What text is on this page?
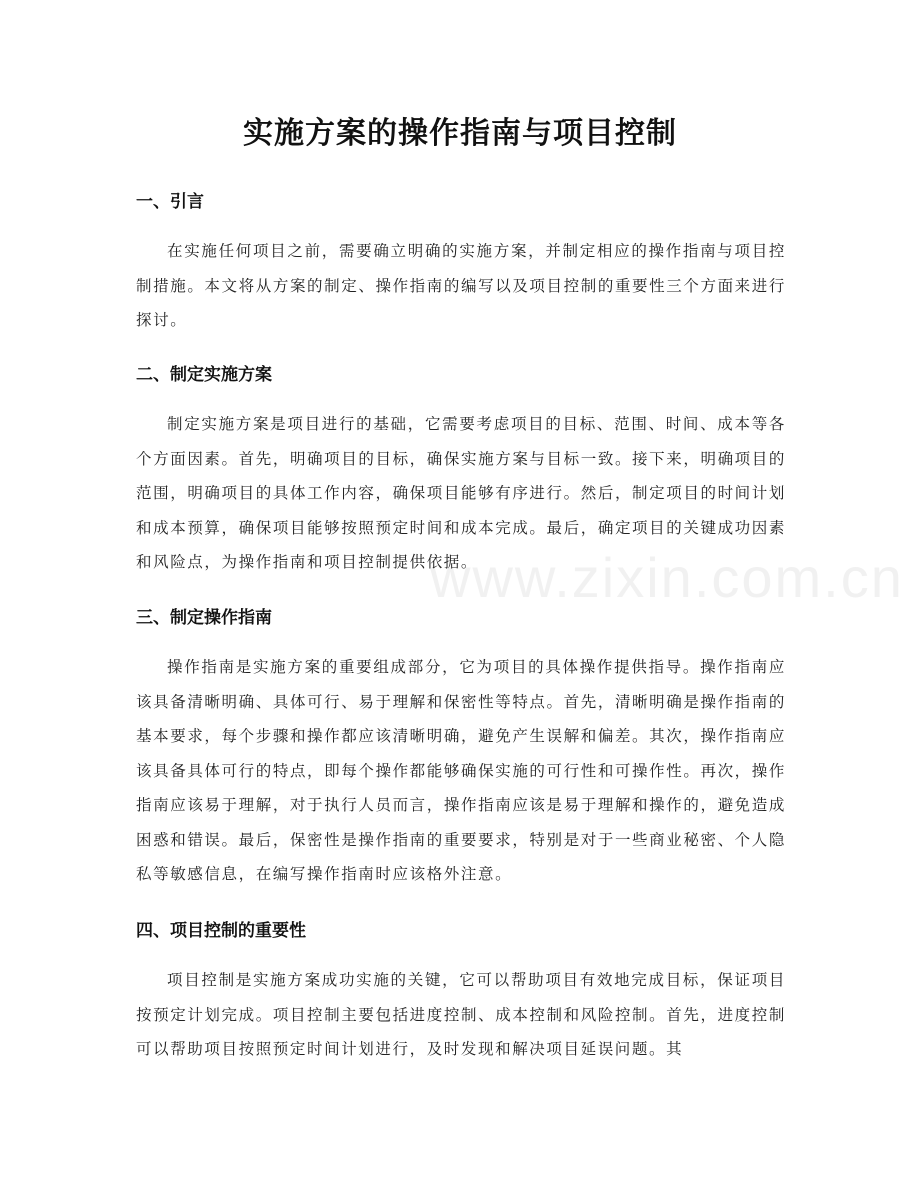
实施方案的操作指南与项目控制
一、引言

在实施任何项目之前，需要确立明确的实施方案，并制定相应的操作指南与项目控制措施。本文将从方案的制定、操作指南的编写以及项目控制的重要性三个方面来进行探讨。

二、制定实施方案

制定实施方案是项目进行的基础，它需要考虑项目的目标、范围、时间、成本等各个方面因素。首先，明确项目的目标，确保实施方案与目标一致。接下来，明确项目的范围，明确项目的具体工作内容，确保项目能够有序进行。然后，制定项目的时间计划和成本预算，确保项目能够按照预定时间和成本完成。最后，确定项目的关键成功因素和风险点，为操作指南和项目控制提供依据。

三、制定操作指南

操作指南是实施方案的重要组成部分，它为项目的具体操作提供指导。操作指南应该具备清晰明确、具体可行、易于理解和保密性等特点。首先，清晰明确是操作指南的基本要求，每个步骤和操作都应该清晰明确，避免产生误解和偏差。其次，操作指南应该具备具体可行的特点，即每个操作都能够确保实施的可行性和可操作性。再次，操作指南应该易于理解，对于执行人员而言，操作指南应该是易于理解和操作的，避免造成困惑和错误。最后，保密性是操作指南的重要要求，特别是对于一些商业秘密、个人隐私等敏感信息，在编写操作指南时应该格外注意。

四、项目控制的重要性

项目控制是实施方案成功实施的关键，它可以帮助项目有效地完成目标，保证项目按预定计划完成。项目控制主要包括进度控制、成本控制和风险控制。首先，进度控制可以帮助项目按照预定时间计划进行，及时发现和解决项目延误问题。其

www.zixin.com.cn
